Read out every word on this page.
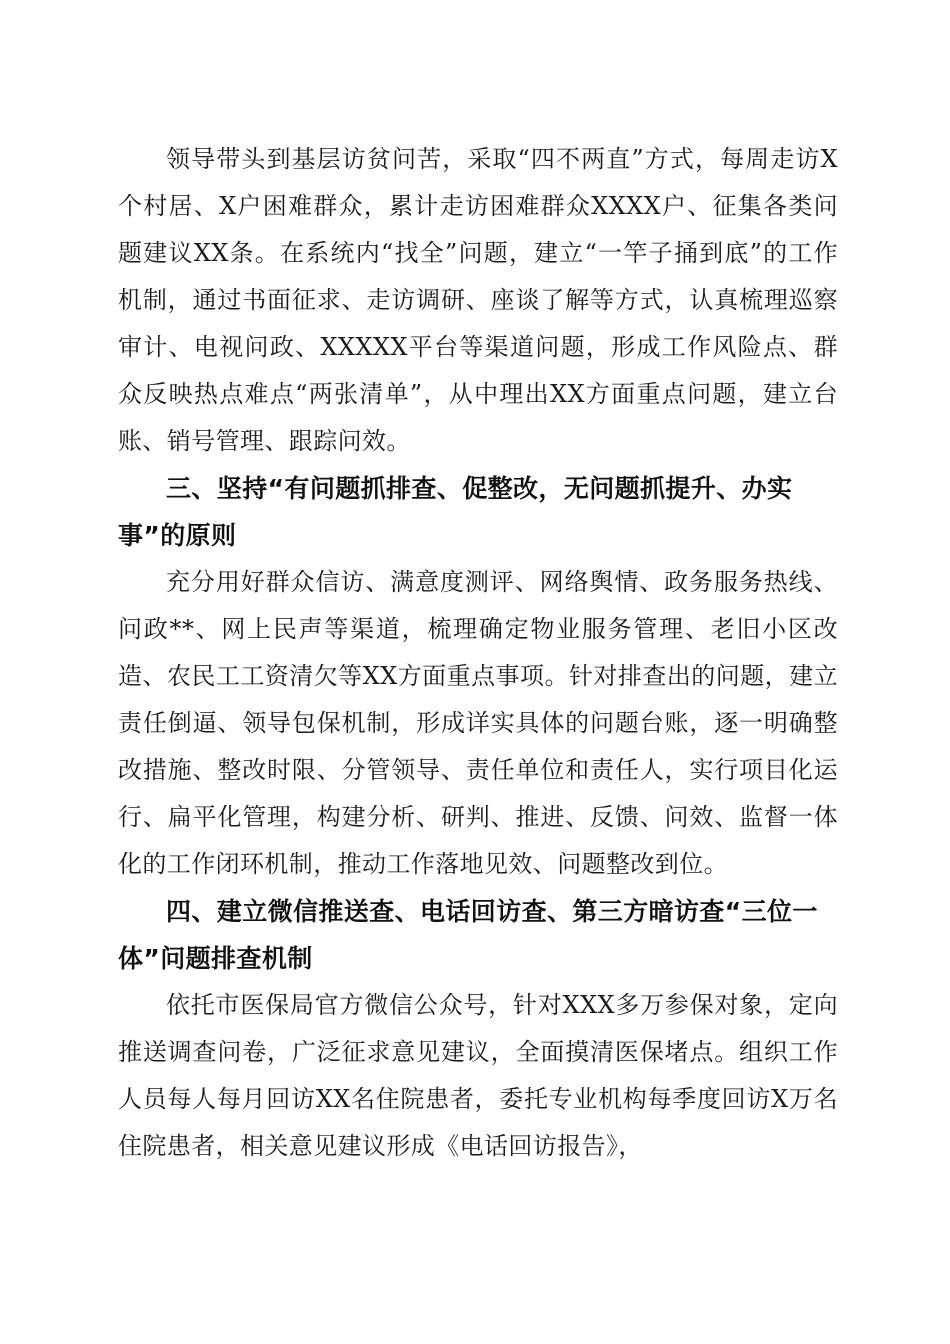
领导带头到基层访贫问苦，采取“四不两直”方式，每周走访X个村居、X户困难群众，累计走访困难群众XXXX户、征集各类问题建议XX条。在系统内“找全”问题，建立“一竿子捅到底”的工作机制，通过书面征求、走访调研、座谈了解等方式，认真梳理巡察审计、电视问政、XXXXX平台等渠道问题，形成工作风险点、群众反映热点难点“两张清单”，从中理出XX方面重点问题，建立台账、销号管理、跟踪问效。

三、坚持“有问题抓排查、促整改，无问题抓提升、办实事”的原则

充分用好群众信访、满意度测评、网络舆情、政务服务热线、问政**、网上民声等渠道，梳理确定物业服务管理、老旧小区改造、农民工工资清欠等XX方面重点事项。针对排查出的问题，建立责任倒逼、领导包保机制，形成详实具体的问题台账，逐一明确整改措施、整改时限、分管领导、责任单位和责任人，实行项目化运行、扁平化管理，构建分析、研判、推进、反馈、问效、监督一体化的工作闭环机制，推动工作落地见效、问题整改到位。

四、建立微信推送查、电话回访查、第三方暗访查“三位一体”问题排查机制

依托市医保局官方微信公众号，针对XXX多万参保对象，定向推送调查问卷，广泛征求意见建议，全面摸清医保堵点。组织工作人员每人每月回访XX名住院患者，委托专业机构每季度回访X万名住院患者，相关意见建议形成《电话回访报告》，
